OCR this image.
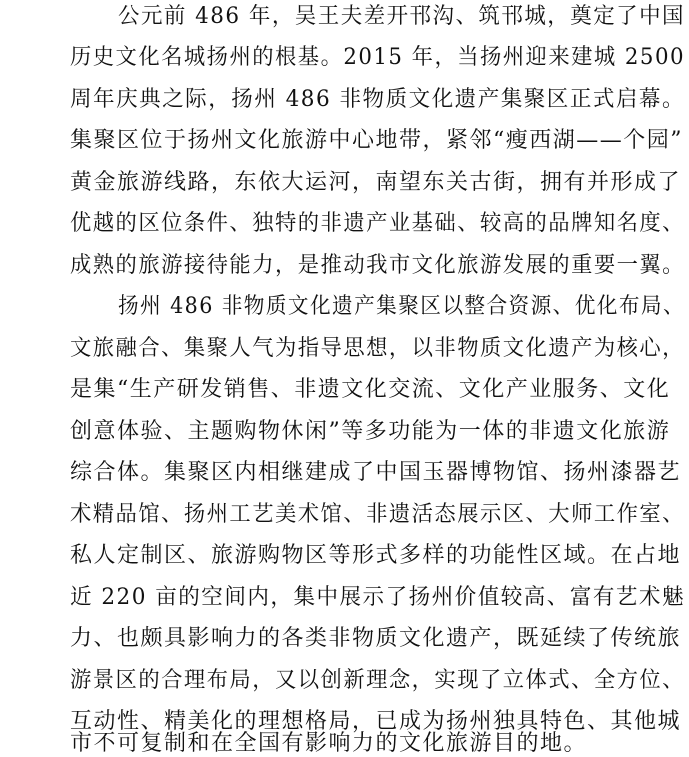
公元前 486 年，吴王夫差开邗沟、筑邗城，奠定了中国
历史文化名城扬州的根基。2015 年，当扬州迎来建城 2500
周年庆典之际，扬州 486 非物质文化遗产集聚区正式启幕。
集聚区位于扬州文化旅游中心地带，紧邻“瘦西湖——个园”
黄金旅游线路，东依大运河，南望东关古街，拥有并形成了
优越的区位条件、独特的非遗产业基础、较高的品牌知名度、
成熟的旅游接待能力，是推动我市文化旅游发展的重要一翼。
扬州 486 非物质文化遗产集聚区以整合资源、优化布局、
文旅融合、集聚人气为指导思想，以非物质文化遗产为核心，
是集“生产研发销售、非遗文化交流、文化产业服务、文化
创意体验、主题购物休闲”等多功能为一体的非遗文化旅游
综合体。集聚区内相继建成了中国玉器博物馆、扬州漆器艺
术精品馆、扬州工艺美术馆、非遗活态展示区、大师工作室、
私人定制区、旅游购物区等形式多样的功能性区域。在占地
近 220 亩的空间内，集中展示了扬州价值较高、富有艺术魅
力、也颇具影响力的各类非物质文化遗产，既延续了传统旅
游景区的合理布局，又以创新理念，实现了立体式、全方位、
互动性、精美化的理想格局，已成为扬州独具特色、其他城
市不可复制和在全国有影响力的文化旅游目的地。
